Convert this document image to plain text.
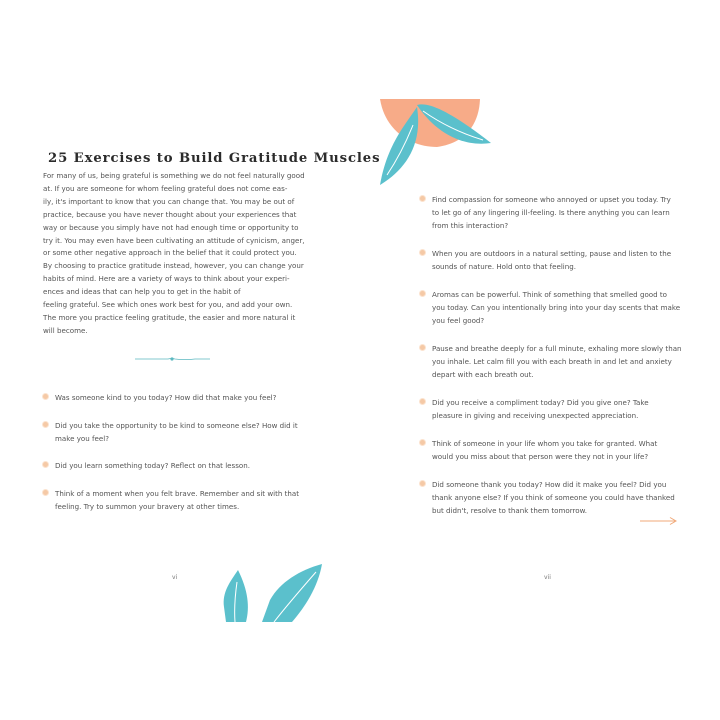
25 Exercises to Build Gratitude Muscles

For many of us, being grateful is something we do not feel naturally good
at. If you are someone for whom feeling grateful does not come eas-
ily, it's important to know that you can change that. You may be out of
practice, because you have never thought about your experiences that
way or because you simply have not had enough time or opportunity to
try it. You may even have been cultivating an attitude of cynicism, anger,
or some other negative approach in the belief that it could protect you.
By choosing to practice gratitude instead, however, you can change your
habits of mind. Here are a variety of ways to think about your experi-
ences and ideas that can help you to get in the habit of
feeling grateful. See which ones work best for you, and add your own.
The more you practice feeling gratitude, the easier and more natural it
will become.

Was someone kind to you today? How did that make you feel?
Did you take the opportunity to be kind to someone else? How did it
make you feel?
Did you learn something today? Reflect on that lesson.
Think of a moment when you felt brave. Remember and sit with that
feeling. Try to summon your bravery at other times.
vi
Find compassion for someone who annoyed or upset you today. Try
to let go of any lingering ill-feeling. Is there anything you can learn
from this interaction?
When you are outdoors in a natural setting, pause and listen to the
sounds of nature. Hold onto that feeling.
Aromas can be powerful. Think of something that smelled good to
you today. Can you intentionally bring into your day scents that make
you feel good?
Pause and breathe deeply for a full minute, exhaling more slowly than
you inhale. Let calm fill you with each breath in and let and anxiety
depart with each breath out.
Did you receive a compliment today? Did you give one? Take
pleasure in giving and receiving unexpected appreciation.
Think of someone in your life whom you take for granted. What
would you miss about that person were they not in your life?
Did someone thank you today? How did it make you feel? Did you
thank anyone else? If you think of someone you could have thanked
but didn't, resolve to thank them tomorrow.
vii
